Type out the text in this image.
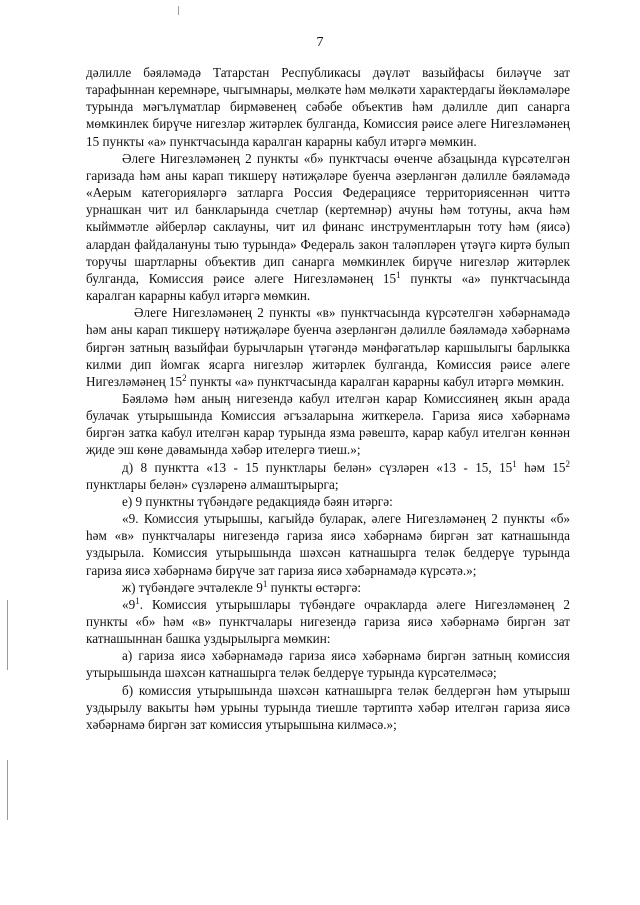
7

дәлилле бәяләмәдә Татарстан Республикасы дәүләт вазыйфасы биләүче зат тарафыннан керемнәре, чыгымнары, мөлкәте һәм мөлкәти характердагы йөкләмәләре турында мәгълүматлар бирмәвенең сәбәбе объектив һәм дәлилле дип санарга мөмкинлек бирүче нигезләр житәрлек булганда, Комиссия рәисе әлеге Нигезләмәнең 15 пункты «а» пунктчасында каралган карарны кабул итәргә мөмкин.

Әлеге Нигезләмәнең 2 пункты «б» пунктчасы өченче абзацында күрсәтелгән гаризада һәм аны карап тикшерү нәтиҗәләре буенча әзерләнгән дәлилле бәяләмәдә «Аерым категорияләргә затларга Россия Федерациясе территориясеннән читтә урнашкан чит ил банкларында счетлар (кертемнәр) ачуны һәм тотуны, акча һәм кыйммәтле әйберләр саклауны, чит ил финанс инструментларын тоту һәм (яисә) алардан файдалануны тыю турында» Федераль закон таләпләрен үтәүгә киртә булып торучы шартларны объектив дип санарга мөмкинлек бирүче нигезләр житәрлек булганда, Комиссия рәисе әлеге Нигезләмәнең $15^1$ пункты «а» пунктчасында каралган карарны кабул итәргә мөмкин.

Әлеге Нигезләмәнең 2 пункты «в» пунктчасында күрсәтелгән хәбәрнамәдә һәм аны карап тикшерү нәтиҗәләре буенча әзерләнгән дәлилле бәяләмәдә хәбәрнамә биргән затның вазыйфаи бурычларын үтәгәндә мәнфәгатьләр каршылыгы барлыкка килми дип йомгак ясарга нигезләр житәрлек булганда, Комиссия рәисе әлеге Нигезләмәнең $15^2$ пункты «а» пунктчасында каралган карарны кабул итәргә мөмкин.

Бәяләмә һәм аның нигезендә кабул ителгән карар Комиссиянең якын арада булачак утырышында Комиссия әгъзаларына житкерелә. Гариза яисә хәбәрнамә биргән затка кабул ителгән карар турында язма рәвештә, карар кабул ителгән көннән җиде эш көне дәвамында хәбәр итeлергә тиеш.»;

д) 8 пунктта «13 - 15 пунктлары белән» сүзләрен «13 - 15, $15^1$ һәм $15^2$ пунктлары белән» сүзләренә алмаштырырга;

е) 9 пунктны түбәндәге редакциядә бәян итәргә:

«9. Комиссия утырышы, кагыйдә буларак, әлеге Нигезләмәнең 2 пункты «б» һәм «в» пунктчалары нигезендә гариза яисә хәбәрнамә биргән зат катнашында уздырыла. Комиссия утырышында шәхсән катнашырга теләк белдерүе турында гариза яисә хәбәрнамә бирүче зат гариза яисә хәбәрнамәдә күрсәтә.»;

ж) түбәндәге эчтәлекле $9^1$ пункты өстәргә:

«$9^1$. Комиссия утырышлары түбәндәге очракларда әлеге Нигезләмәнең 2 пункты «б» һәм «в» пунктчалары нигезендә гариза яисә хәбәрнамә биргән зат катнашыннан башка уздырылырга мөмкин:

а) гариза яисә хәбәрнамәдә гариза яисә хәбәрнамә биргән затның комиссия утырышында шәхсән катнашырга теләк белдерүе турында күрсәтелмәсә;

б) комиссия утырышында шәхсән катнашырга теләк белдергән һәм утырыш уздырылу вакыты һәм урыны турында тиешле тәртиптә хәбәр ителгән гариза яисә хәбәрнамә биргән зат комиссия утырышына килмәсә.»;
